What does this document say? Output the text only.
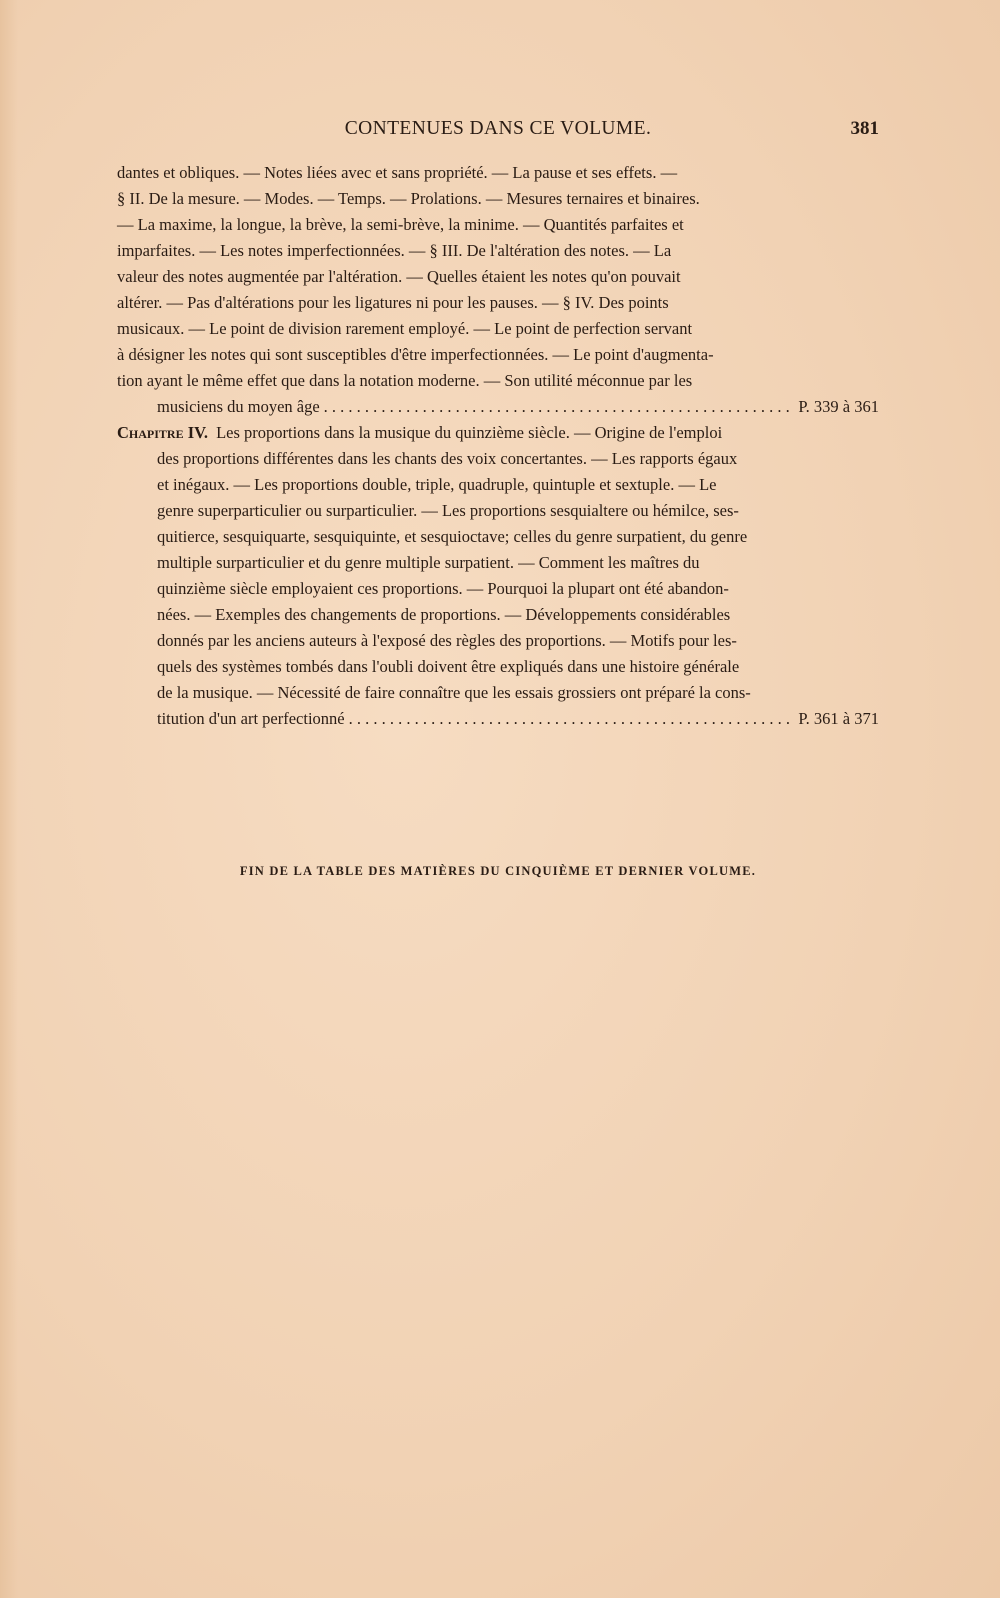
CONTENUES DANS CE VOLUME.	381
dantes et obliques. — Notes liées avec et sans propriété. — La pause et ses effets. —
§ II. De la mesure. — Modes. — Temps. — Prolations. — Mesures ternaires et binaires.
— La maxime, la longue, la brève, la semi-brève, la minime. — Quantités parfaites et
imparfaites. — Les notes imperfectionnées. — § III. De l'altération des notes. — La
valeur des notes augmentée par l'altération. — Quelles étaient les notes qu'on pouvait
altérer. — Pas d'altérations pour les ligatures ni pour les pauses. — § IV. Des points
musicaux. — Le point de division rarement employé. — Le point de perfection servant
à désigner les notes qui sont susceptibles d'être imperfectionnées. — Le point d'augmenta-
tion ayant le même effet que dans la notation moderne. — Son utilité méconnue par les
musiciens du moyen âge . . .	P. 339 à 361
Chapitre IV. Les proportions dans la musique du quinzième siècle. — Origine de l'emploi
des proportions différentes dans les chants des voix concertantes. — Les rapports égaux
et inégaux. — Les proportions double, triple, quadruple, quintuple et sextuple. — Le
genre superparticulier ou surparticulier. — Les proportions sesquialtere ou hémilce, ses-
quitierce, sesquiquarte, sesquiquinte, et sesquioctave; celles du genre surpatient, du genre
multiple surparticulier et du genre multiple surpatient. — Comment les maîtres du
quinzième siècle employaient ces proportions. — Pourquoi la plupart ont été abandon-
nées. — Exemples des changements de proportions. — Développements considérables
donnés par les anciens auteurs à l'exposé des règles des proportions. — Motifs pour les-
quels des systèmes tombés dans l'oubli doivent être expliqués dans une histoire générale
de la musique. — Nécessité de faire connaître que les essais grossiers ont préparé la cons-
titution d'un art perfectionné . . .	P. 361 à 371
FIN DE LA TABLE DES MATIÈRES DU CINQUIÈME ET DERNIER VOLUME.
